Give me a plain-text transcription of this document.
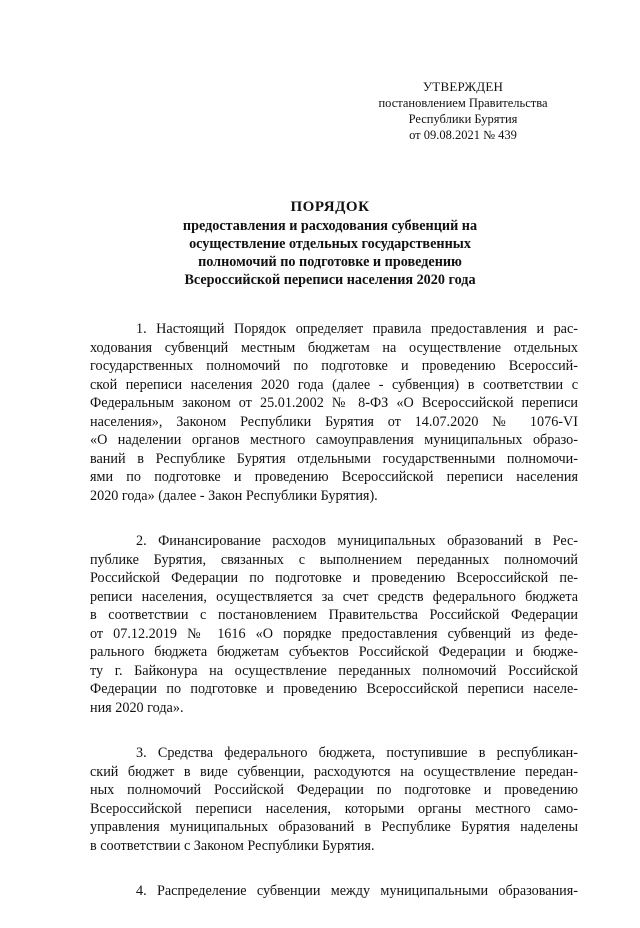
УТВЕРЖДЕН
постановлением Правительства
Республики Бурятия
от 09.08.2021 № 439
ПОРЯДОК
предоставления и расходования субвенций на
осуществление отдельных государственных
полномочий по подготовке и проведению
Всероссийской переписи населения 2020 года
1. Настоящий Порядок определяет правила предоставления и рас-
ходования субвенций местным бюджетам на осуществление отдельных
государственных полномочий по подготовке и проведению Всероссий-
ской переписи населения 2020 года (далее - субвенция) в соответствии с
Федеральным законом от 25.01.2002 № 8-ФЗ «О Всероссийской переписи
населения», Законом Республики Бурятия от 14.07.2020 № 1076-VI
«О наделении органов местного самоуправления муниципальных образо-
ваний в Республике Бурятия отдельными государственными полномочи-
ями по подготовке и проведению Всероссийской переписи населения
2020 года» (далее - Закон Республики Бурятия).
2. Финансирование расходов муниципальных образований в Рес-
публике Бурятия, связанных с выполнением переданных полномочий
Российской Федерации по подготовке и проведению Всероссийской пе-
реписи населения, осуществляется за счет средств федерального бюджета
в соответствии с постановлением Правительства Российской Федерации
от 07.12.2019 № 1616 «О порядке предоставления субвенций из феде-
рального бюджета бюджетам субъектов Российской Федерации и бюдже-
ту г. Байконура на осуществление переданных полномочий Российской
Федерации по подготовке и проведению Всероссийской переписи населе-
ния 2020 года».
3. Средства федерального бюджета, поступившие в республикан-
ский бюджет в виде субвенции, расходуются на осуществление передан-
ных полномочий Российской Федерации по подготовке и проведению
Всероссийской переписи населения, которыми органы местного само-
управления муниципальных образований в Республике Бурятия наделены
в соответствии с Законом Республики Бурятия.
4. Распределение субвенции между муниципальными образования-
